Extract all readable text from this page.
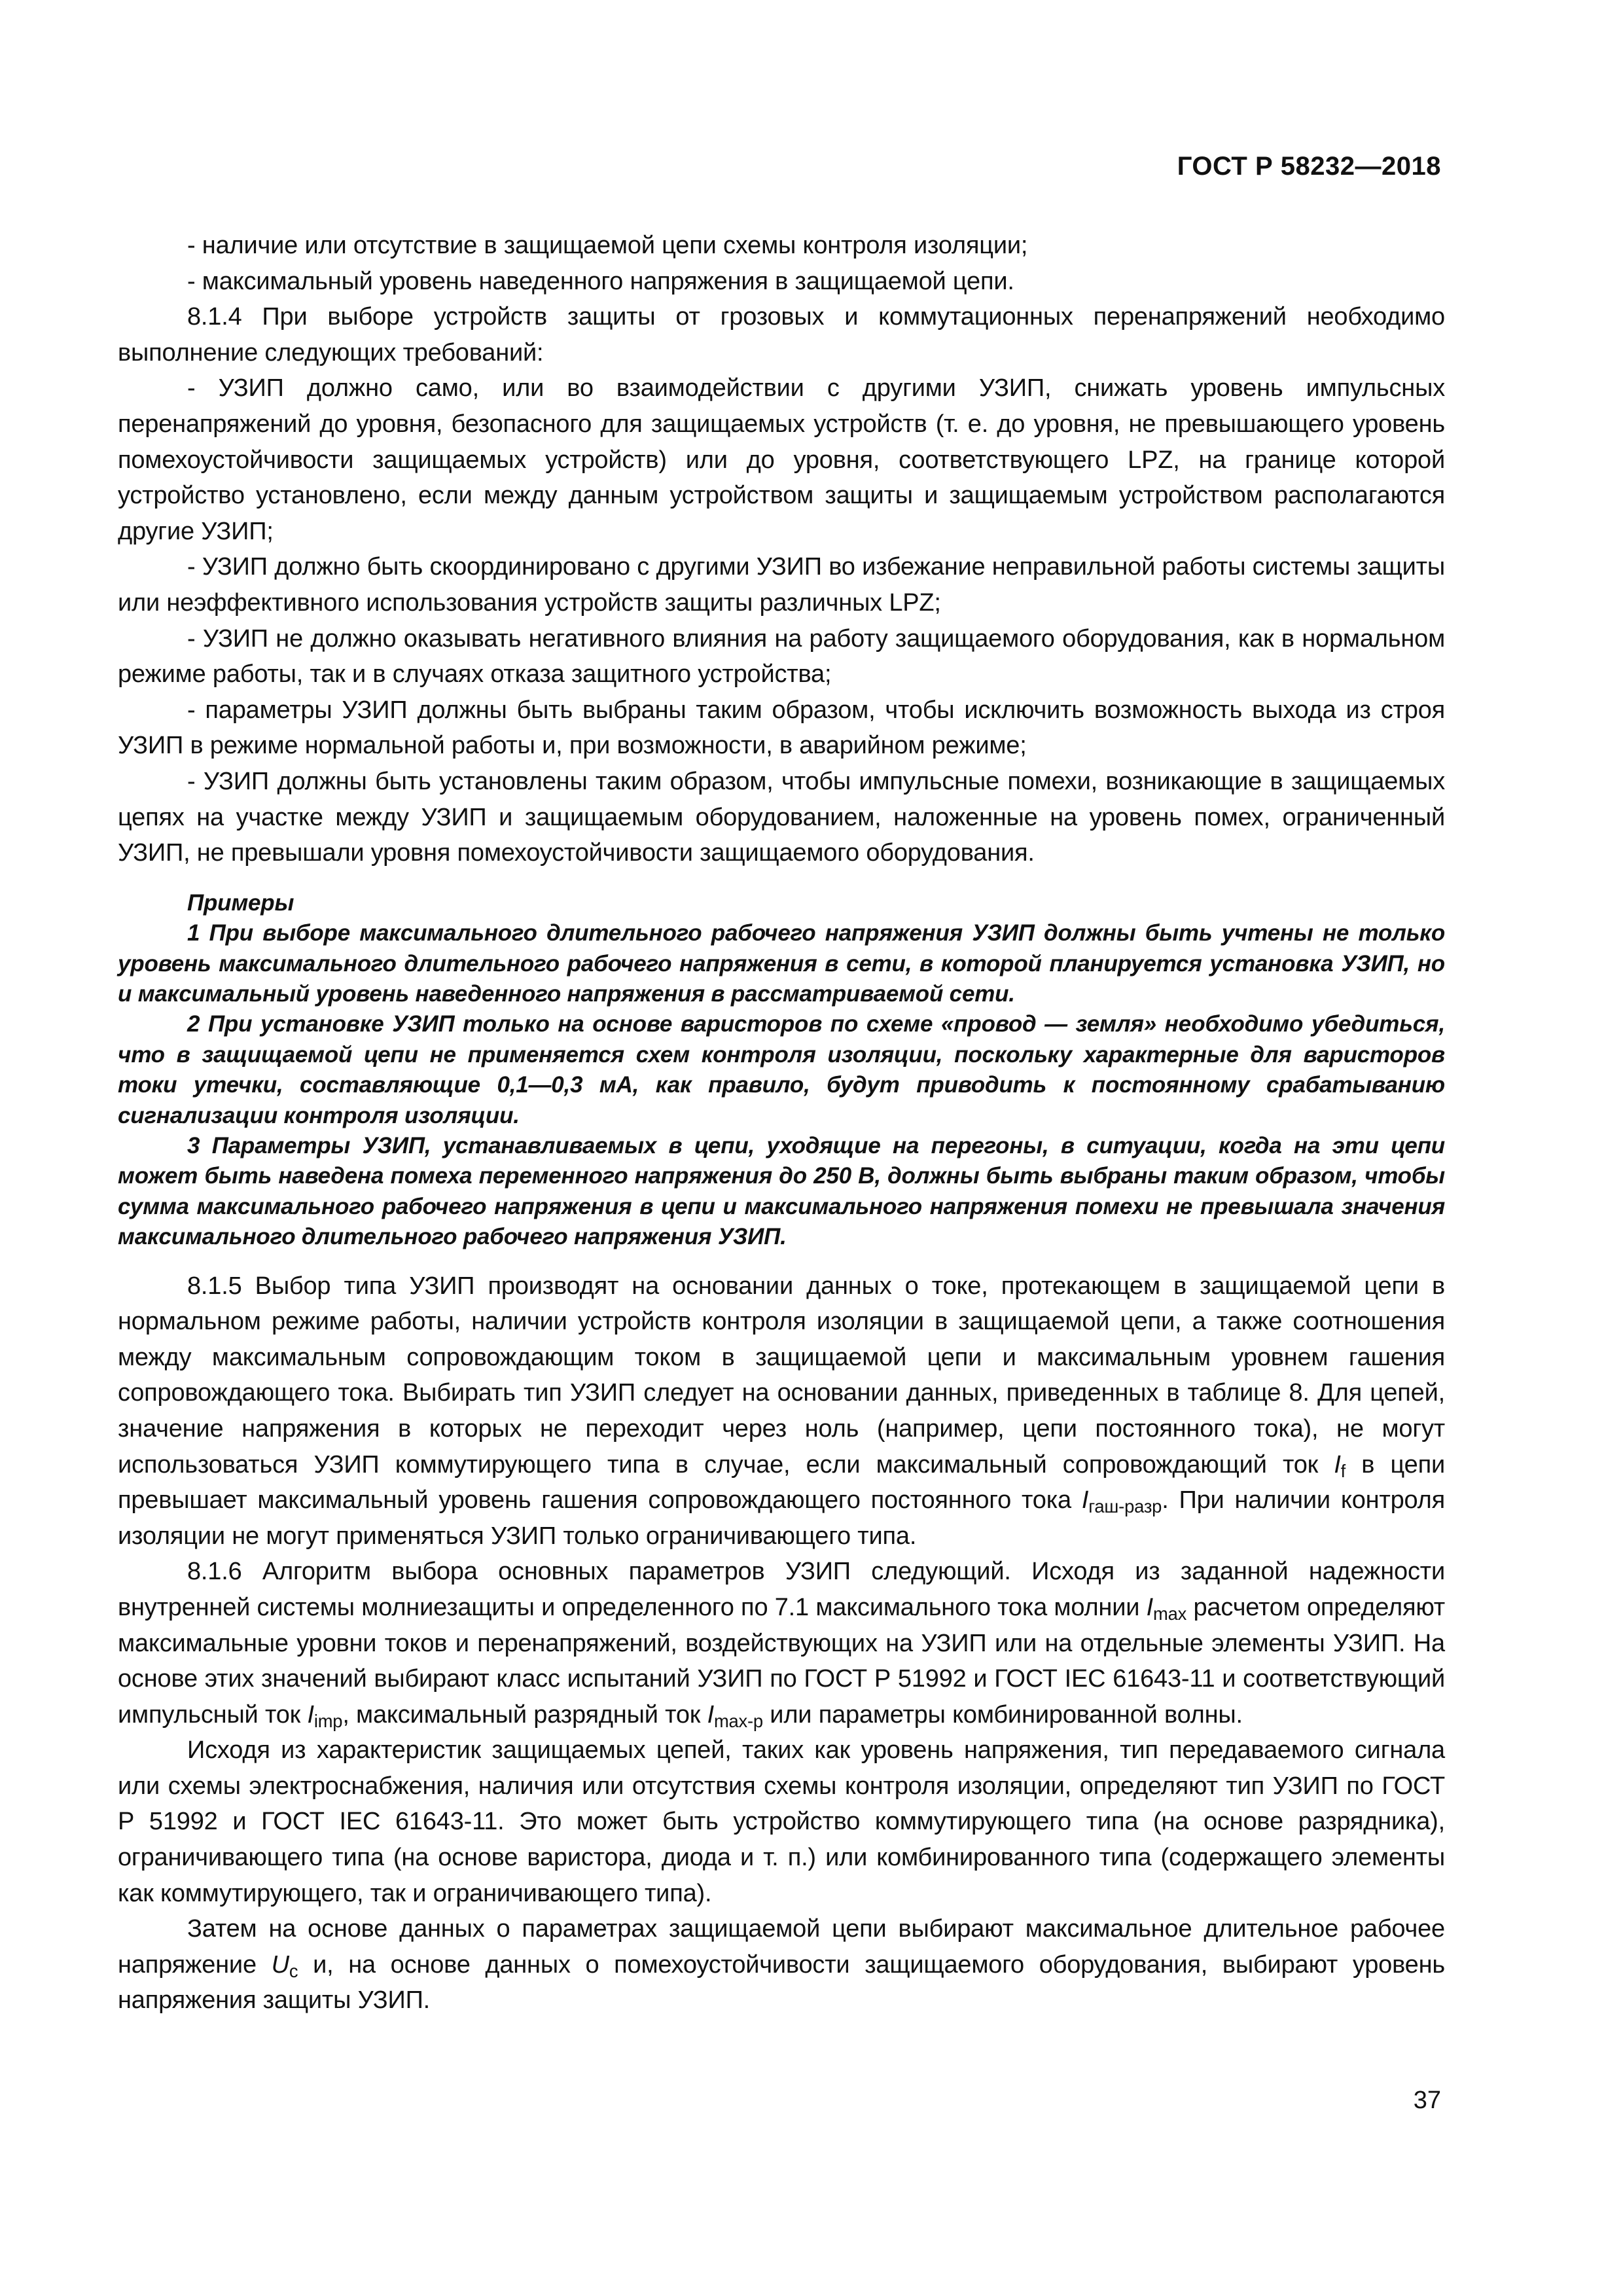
ГОСТ Р 58232—2018

- наличие или отсутствие в защищаемой цепи схемы контроля изоляции;

- максимальный уровень наведенного напряжения в защищаемой цепи.

8.1.4 При выборе устройств защиты от грозовых и коммутационных перенапряжений необходимо выполнение следующих требований:

- УЗИП должно само, или во взаимодействии с другими УЗИП, снижать уровень импульсных перенапряжений до уровня, безопасного для защищаемых устройств (т. е. до уровня, не превышающего уровень помехоустойчивости защищаемых устройств) или до уровня, соответствующего LPZ, на границе которой устройство установлено, если между данным устройством защиты и защищаемым устройством располагаются другие УЗИП;

- УЗИП должно быть скоординировано с другими УЗИП во избежание неправильной работы системы защиты или неэффективного использования устройств защиты различных LPZ;

- УЗИП не должно оказывать негативного влияния на работу защищаемого оборудования, как в нормальном режиме работы, так и в случаях отказа защитного устройства;

- параметры УЗИП должны быть выбраны таким образом, чтобы исключить возможность выхода из строя УЗИП в режиме нормальной работы и, при возможности, в аварийном режиме;

- УЗИП должны быть установлены таким образом, чтобы импульсные помехи, возникающие в защищаемых цепях на участке между УЗИП и защищаемым оборудованием, наложенные на уровень помех, ограниченный УЗИП, не превышали уровня помехоустойчивости защищаемого оборудования.

Примеры

1 При выборе максимального длительного рабочего напряжения УЗИП должны быть учтены не только уровень максимального длительного рабочего напряжения в сети, в которой планируется установка УЗИП, но и максимальный уровень наведенного напряжения в рассматриваемой сети.

2 При установке УЗИП только на основе варисторов по схеме «провод — земля» необходимо убедиться, что в защищаемой цепи не применяется схем контроля изоляции, поскольку характерные для варисторов токи утечки, составляющие 0,1—0,3 мА, как правило, будут приводить к постоянному срабатыванию сигнализации контроля изоляции.

3 Параметры УЗИП, устанавливаемых в цепи, уходящие на перегоны, в ситуации, когда на эти цепи может быть наведена помеха переменного напряжения до 250 В, должны быть выбраны таким образом, чтобы сумма максимального рабочего напряжения в цепи и максимального напряжения помехи не превышала значения максимального длительного рабочего напряжения УЗИП.

8.1.5 Выбор типа УЗИП производят на основании данных о токе, протекающем в защищаемой цепи в нормальном режиме работы, наличии устройств контроля изоляции в защищаемой цепи, а также соотношения между максимальным сопровождающим током в защищаемой цепи и максимальным уровнем гашения сопровождающего тока. Выбирать тип УЗИП следует на основании данных, приведенных в таблице 8. Для цепей, значение напряжения в которых не переходит через ноль (например, цепи постоянного тока), не могут использоваться УЗИП коммутирующего типа в случае, если максимальный сопровождающий ток $I_f$ в цепи превышает максимальный уровень гашения сопровождающего постоянного тока $I_{гаш-разр}$. При наличии контроля изоляции не могут применяться УЗИП только ограничивающего типа.

8.1.6 Алгоритм выбора основных параметров УЗИП следующий. Исходя из заданной надежности внутренней системы молниезащиты и определенного по 7.1 максимального тока молнии $I_{max}$ расчетом определяют максимальные уровни токов и перенапряжений, воздействующих на УЗИП или на отдельные элементы УЗИП. На основе этих значений выбирают класс испытаний УЗИП по ГОСТ Р 51992 и ГОСТ IEC 61643-11 и соответствующий импульсный ток $I_{imp}$, максимальный разрядный ток $I_{max-р}$ или параметры комбинированной волны.

Исходя из характеристик защищаемых цепей, таких как уровень напряжения, тип передаваемого сигнала или схемы электроснабжения, наличия или отсутствия схемы контроля изоляции, определяют тип УЗИП по ГОСТ Р 51992 и ГОСТ IEC 61643-11. Это может быть устройство коммутирующего типа (на основе разрядника), ограничивающего типа (на основе варистора, диода и т. п.) или комбинированного типа (содержащего элементы как коммутирующего, так и ограничивающего типа).

Затем на основе данных о параметрах защищаемой цепи выбирают максимальное длительное рабочее напряжение $U_c$ и, на основе данных о помехоустойчивости защищаемого оборудования, выбирают уровень напряжения защиты УЗИП.

37
